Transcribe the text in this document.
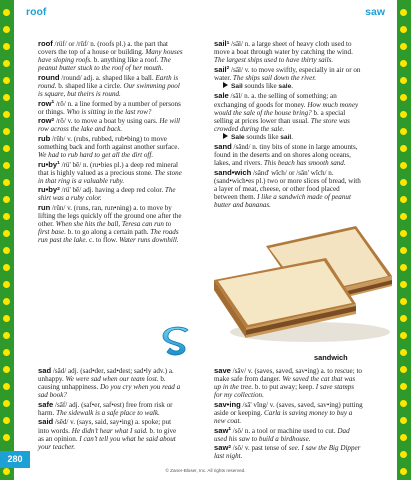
roof	saw
roof /rüf/ or /rŭf/ n. (roofs pl.) a. the part that covers the top of a house or building. Many houses have sloping roofs. b. anything like a roof. The peanut butter stuck to the roof of her mouth.
round /round/ adj. a. shaped like a ball. Earth is round. b. shaped like a circle. Our swimming pool is square, but theirs is round.
row$^1$ /rō/ n. a line formed by a number of persons or things. Who is sitting in the last row?
row$^2$ /rō/ v. to move a boat by using oars. He will row across the lake and back.
rub /rŭb/ v. (rubs, rubbed, rub•bing) to move something back and forth against another surface. We had to rub hard to get all the dirt off.
$ru•by^1$ /rü' bē/ n. (ru•bies pl.) a deep red mineral that is highly valued as a precious stone. The stone in that ring is a valuable ruby.
$ru•by^2$ /rü' bē/ adj. having a deep red color. The shirt was a ruby color.
run /rŭn/ v. (runs, ran, run•ning) a. to move by lifting the legs quickly off the ground one after the other. When she hits the ball, Teresa can run to first base. b. to go along a certain path. The roads run past the lake. c. to flow. Water runs downhill.
sail$^1$ /sāl/ n. a large sheet of heavy cloth used to move a boat through water by catching the wind. The largest ships used to have thirty sails.
sail$^2$ /sāl/ v. to move swiftly, especially in air or on water. The ships sail down the river.
Sail sounds like sale.
sale /sāl/ n. a. the selling of something; an exchanging of goods for money. How much money would the sale of the house bring? b. a special selling at prices lower than usual. The store was crowded during the sale.
Sale sounds like sail.
sand /sănd/ n. tiny bits of stone in large amounts, found in the deserts and on shores along oceans, lakes, and rivers. This beach has smooth sand.
sand•wich /sănd' wĭch/ or /săn' wĭch/ n. (sand•wich•es pl.) two or more slices of bread, with a layer of meat, cheese, or other food placed between them. I like a sandwich made of peanut butter and bananas.
sandwich
sad /săd/ adj. (sad•der, sad•dest; sad•ly adv.) a. unhappy. We were sad when our team lost. b. causing unhappiness. Do you cry when you read a sad book?
safe /sāf/ adj. (saf•er, saf•est) free from risk or harm. The sidewalk is a safe place to walk.
said /sĕd/ v. (says, said, say•ing) a. spoke; put into words. He didn’t hear what I said. b. to give as an opinion. I can’t tell you what he said about your teacher.
save /sāv/ v. (saves, saved, sav•ing) a. to rescue; to make safe from danger. We saved the cat that was up in the tree. b. to put away; keep. I save stamps for my collection.
sav•ing /sā' vĭng/ v. (saves, saved, sav•ing) putting aside or keeping. Carla is saving money to buy a new coat.
saw$^1$ /sô/ n. a tool or machine used to cut. Dad used his saw to build a birdhouse.
saw$^2$ /sô/ v. past tense of see. I saw the Big Dipper last night.
280
© Zaner-Bloser, Inc. All rights reserved.
